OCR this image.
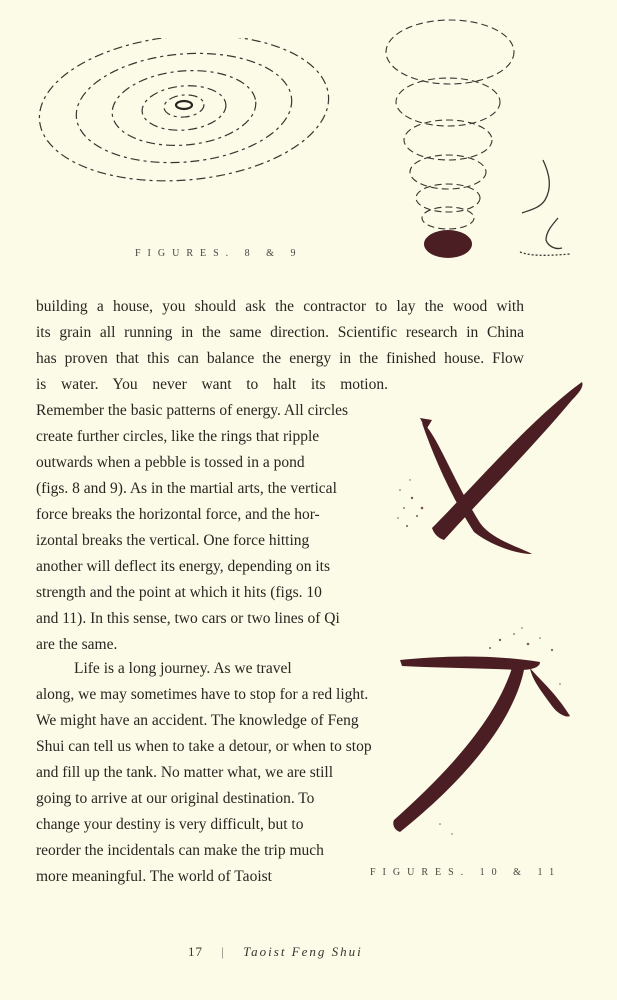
FIGURES. 8 & 9
FIGURES. 10 & 11
building a house, you should ask the contractor to lay the wood with
its grain all running in the same direction. Scientific research in China
has proven that this can balance the energy in the finished house. Flow
is water. You never want to halt its motion.
Remember the basic patterns of energy. All circles
create further circles, like the rings that ripple
outwards when a pebble is tossed in a pond
(figs. 8 and 9). As in the martial arts, the vertical
force breaks the horizontal force, and the hor-
izontal breaks the vertical. One force hitting
another will deflect its energy, depending on its
strength and the point at which it hits (figs. 10
and 11). In this sense, two cars or two lines of Qi
are the same.
Life is a long journey. As we travel
along, we may sometimes have to stop for a red light.
We might have an accident. The knowledge of Feng
Shui can tell us when to take a detour, or when to stop
and fill up the tank. No matter what, we are still
going to arrive at our original destination. To
change your destiny is very difficult, but to
reorder the incidentals can make the trip much
more meaningful. The world of Taoist
17 | Taoist Feng Shui
